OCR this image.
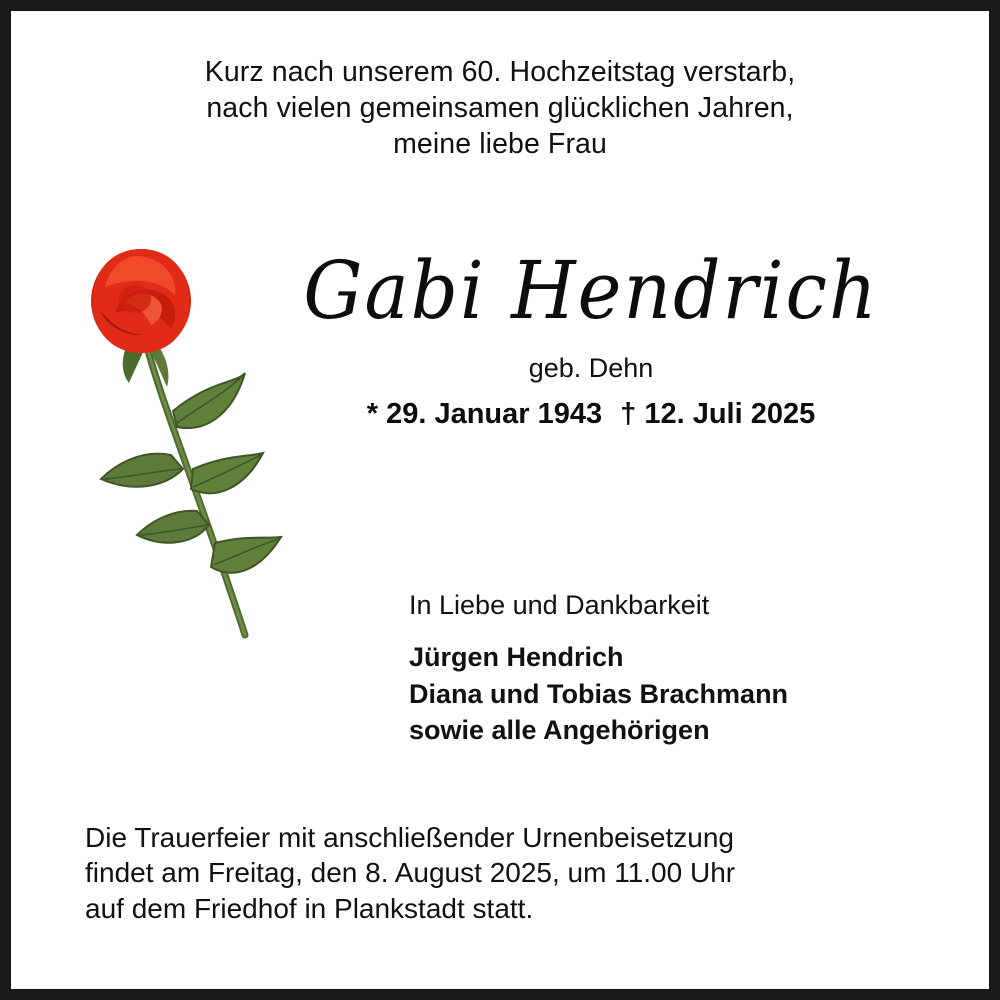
Kurz nach unserem 60. Hochzeitstag verstarb,
nach vielen gemeinsamen glücklichen Jahren,
meine liebe Frau
Gabi Hendrich
geb. Dehn
* 29. Januar 1943 † 12. Juli 2025
In Liebe und Dankbarkeit
Jürgen Hendrich
Diana und Tobias Brachmann
sowie alle Angehörigen
Die Trauerfeier mit anschließender Urnenbeisetzung
findet am Freitag, den 8. August 2025, um 11.00 Uhr
auf dem Friedhof in Plankstadt statt.
